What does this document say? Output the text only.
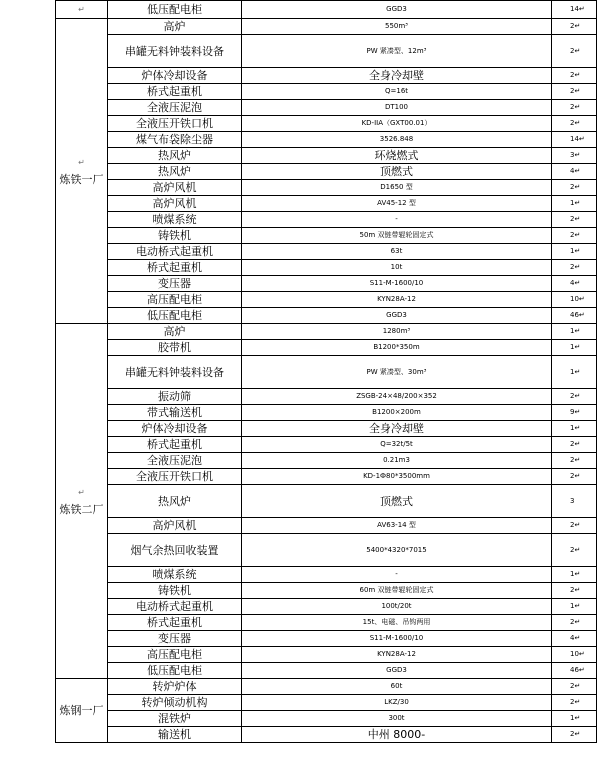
↵	低压配电柜	GGD3	14↵

↵
炼铁一厂	高炉	550m³	2↵
	串罐无料钟装料设备	PW 紧凑型、12m³	2↵
	炉体冷却设备	全身冷却壁	2↵
	桥式起重机	Q=16t	2↵
	全液压泥泡	DT100	2↵
	全液压开铁口机	KD-IIA（GXT00.01）	2↵
	煤气布袋除尘器	3526.848	14↵
	热风炉	环烧燃式	3↵
	热风炉	顶燃式	4↵
	高炉风机	D1650 型	2↵
	高炉风机	AV45-12 型	1↵
	喷煤系统	-	2↵
	铸铁机	50m 双链带辊轮固定式	2↵
	电动桥式起重机	63t	1↵
	桥式起重机	10t	2↵
	变压器	S11-M-1600/10	4↵
	高压配电柜	KYN28A-12	10↵
	低压配电柜	GGD3	46↵

↵
炼铁二厂	高炉	1280m³	1↵
	胶带机	B1200*350m	1↵
	串罐无料钟装料设备	PW 紧凑型、30m³	1↵
	振动筛	ZSGB-24×48/200×352	2↵
	带式输送机	B1200×200m	9↵
	炉体冷却设备	全身冷却壁	1↵
	桥式起重机	Q=32t/5t	2↵
	全液压泥泡	0.21m3	2↵
	全液压开铁口机	KD-1Ф80*3500mm	2↵
	热风炉	顶燃式	3
	高炉风机	AV63-14 型	2↵
	烟气余热回收装置	5400*4320*7015	2↵
	喷煤系统	-	1↵
	铸铁机	60m 双链带辊轮固定式	2↵
	电动桥式起重机	100t/20t	1↵
	桥式起重机	15t、电磁、吊钩两用	2↵
	变压器	S11-M-1600/10	4↵
	高压配电柜	KYN28A-12	10↵
	低压配电柜	GGD3	46↵

炼钢一厂	转炉炉体	60t	2↵
	转炉倾动机构	LKZ/30	2↵
	混铁炉	300t	1↵
	输送机	中州 8000-	2↵
